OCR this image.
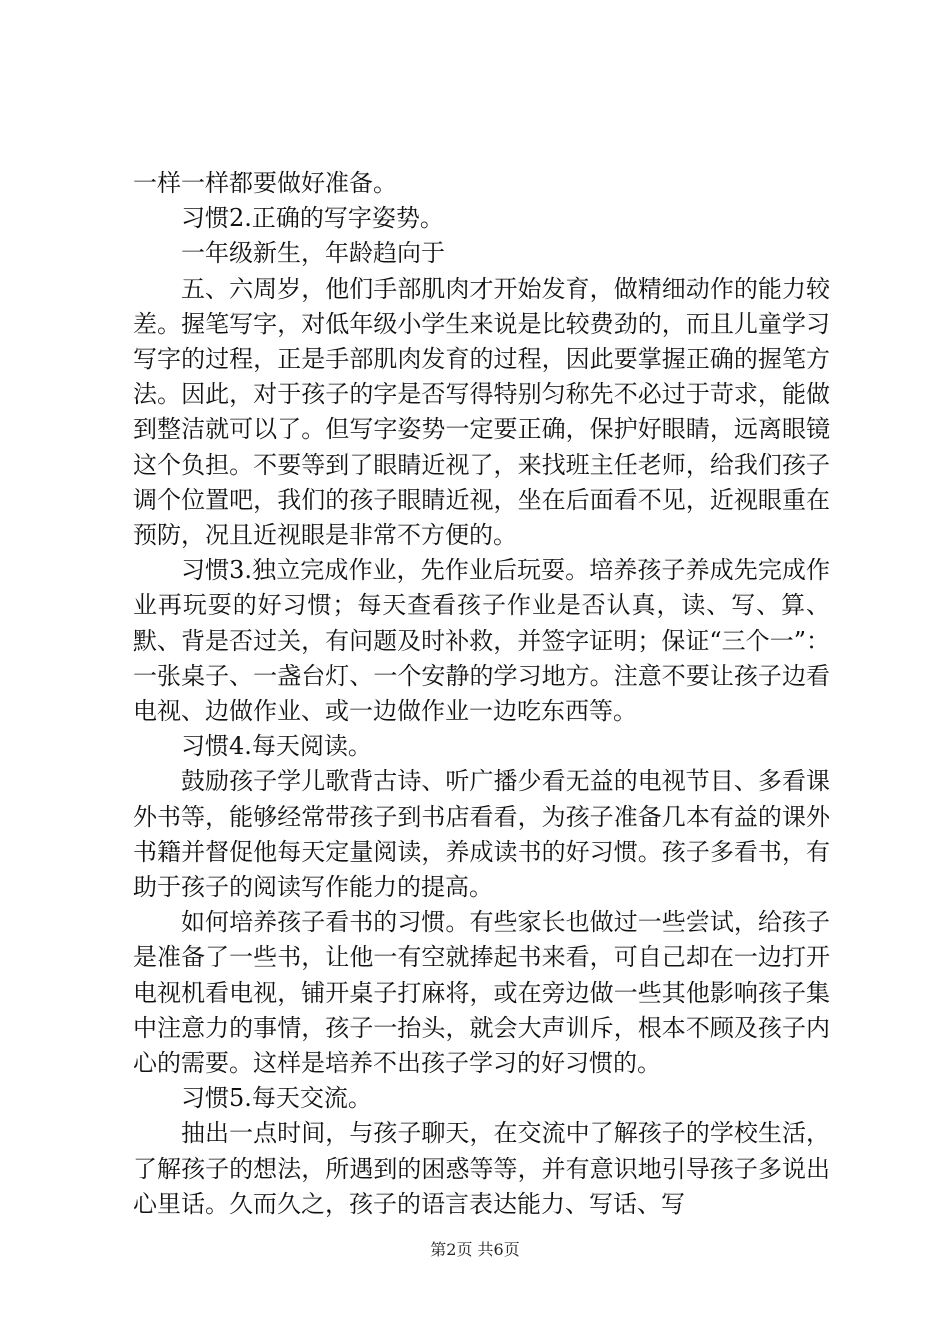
一样一样都要做好准备。

习惯2.正确的写字姿势。

一年级新生，年龄趋向于

五、六周岁，他们手部肌肉才开始发育，做精细动作的能力较差。握笔写字，对低年级小学生来说是比较费劲的，而且儿童学习写字的过程，正是手部肌肉发育的过程，因此要掌握正确的握笔方法。因此，对于孩子的字是否写得特别匀称先不必过于苛求，能做到整洁就可以了。但写字姿势一定要正确，保护好眼睛，远离眼镜这个负担。不要等到了眼睛近视了，来找班主任老师，给我们孩子调个位置吧，我们的孩子眼睛近视，坐在后面看不见，近视眼重在预防，况且近视眼是非常不方便的。

习惯3.独立完成作业，先作业后玩耍。培养孩子养成先完成作业再玩耍的好习惯；每天查看孩子作业是否认真，读、写、算、默、背是否过关，有问题及时补救，并签字证明；保证“三个一”：一张桌子、一盏台灯、一个安静的学习地方。注意不要让孩子边看电视、边做作业、或一边做作业一边吃东西等。

习惯4.每天阅读。

鼓励孩子学儿歌背古诗、听广播少看无益的电视节目、多看课外书等，能够经常带孩子到书店看看，为孩子准备几本有益的课外书籍并督促他每天定量阅读，养成读书的好习惯。孩子多看书，有助于孩子的阅读写作能力的提高。

如何培养孩子看书的习惯。有些家长也做过一些尝试，给孩子是准备了一些书，让他一有空就捧起书来看，可自己却在一边打开电视机看电视，铺开桌子打麻将，或在旁边做一些其他影响孩子集中注意力的事情，孩子一抬头，就会大声训斥，根本不顾及孩子内心的需要。这样是培养不出孩子学习的好习惯的。

习惯5.每天交流。

抽出一点时间，与孩子聊天，在交流中了解孩子的学校生活，了解孩子的想法，所遇到的困惑等等，并有意识地引导孩子多说出心里话。久而久之，孩子的语言表达能力、写话、写

第2页 共6页
